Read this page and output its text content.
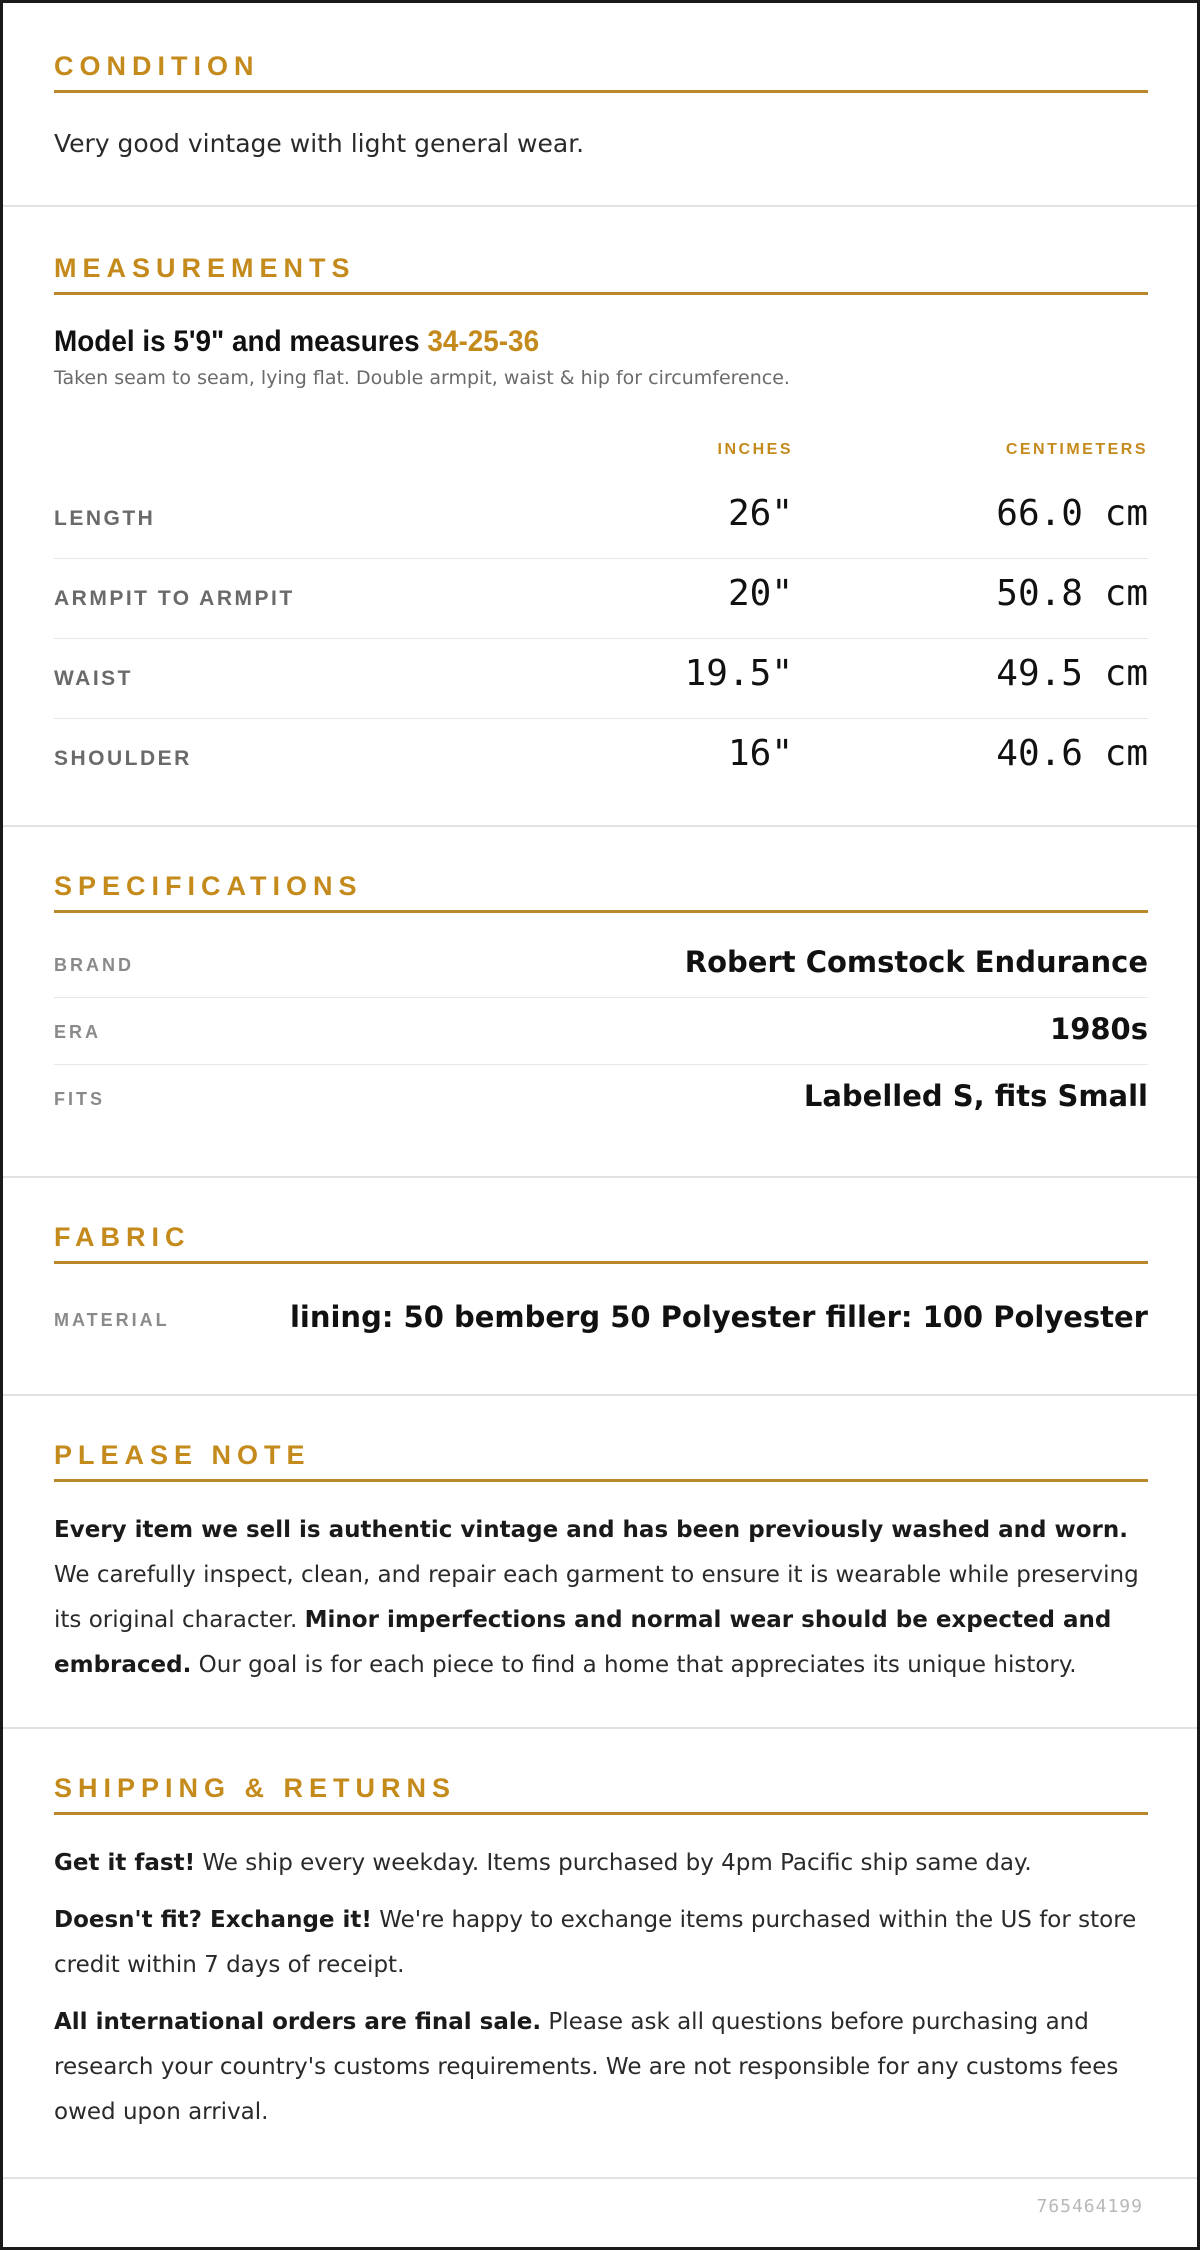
CONDITION
Very good vintage with light general wear.
MEASUREMENTS
Model is 5'9" and measures 34-25-36
Taken seam to seam, lying flat. Double armpit, waist & hip for circumference.
INCHES	CENTIMETERS
LENGTH	26"	66.0 cm
ARMPIT TO ARMPIT	20"	50.8 cm
WAIST	19.5"	49.5 cm
SHOULDER	16"	40.6 cm
SPECIFICATIONS
BRAND	Robert Comstock Endurance
ERA	1980s
FITS	Labelled S, fits Small
FABRIC
MATERIAL	lining: 50 bemberg 50 Polyester filler: 100 Polyester
PLEASE NOTE

Every item we sell is authentic vintage and has been previously washed and worn. We carefully inspect, clean, and repair each garment to ensure it is wearable while preserving its original character. Minor imperfections and normal wear should be expected and embraced. Our goal is for each piece to find a home that appreciates its unique history.

SHIPPING & RETURNS

Get it fast! We ship every weekday. Items purchased by 4pm Pacific ship same day.

Doesn't fit? Exchange it! We're happy to exchange items purchased within the US for store credit within 7 days of receipt.

All international orders are final sale. Please ask all questions before purchasing and research your country's customs requirements. We are not responsible for any customs fees owed upon arrival.

765464199
